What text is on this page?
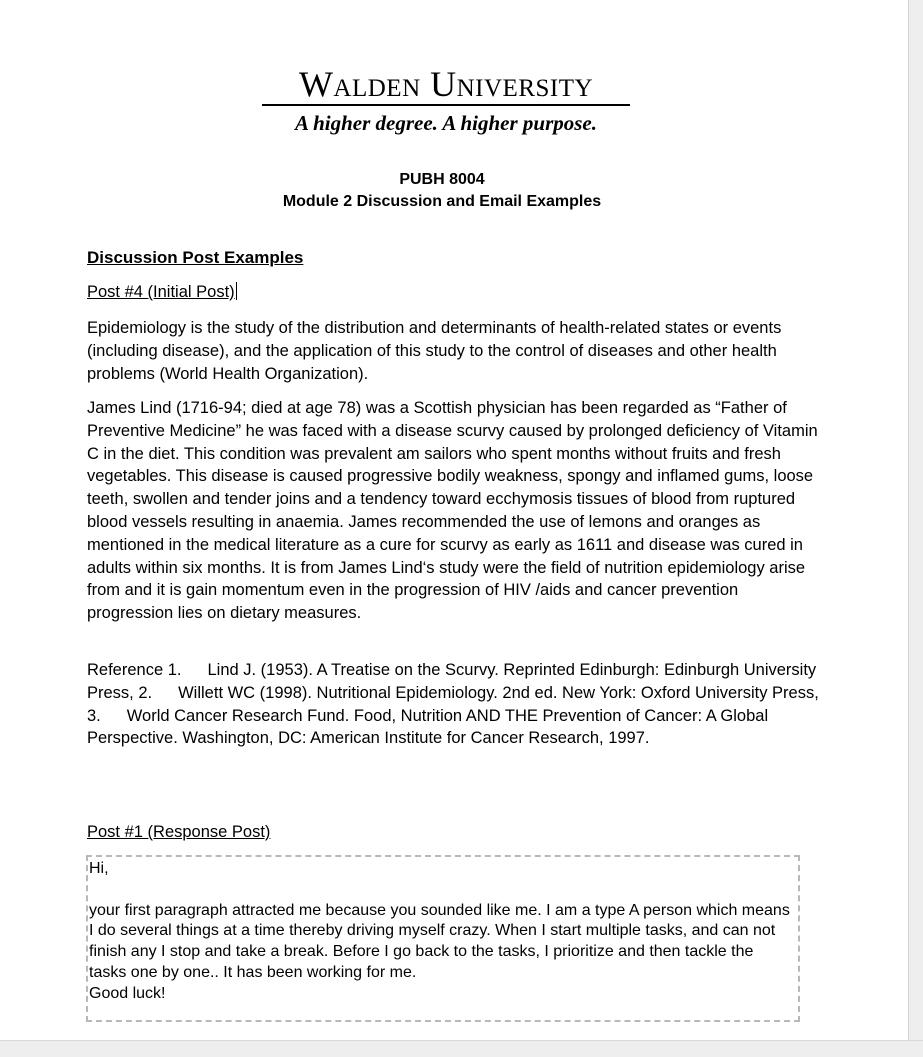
Walden University
A higher degree. A higher purpose.
PUBH 8004
Module 2 Discussion and Email Examples
Discussion Post Examples
Post #4 (Initial Post)

Epidemiology is the study of the distribution and determinants of health-related states or events (including disease), and the application of this study to the control of diseases and other health problems (World Health Organization).

James Lind (1716-94; died at age 78) was a Scottish physician has been regarded as “Father of Preventive Medicine” he was faced with a disease scurvy caused by prolonged deficiency of Vitamin C in the diet. This condition was prevalent am sailors who spent months without fruits and fresh vegetables. This disease is caused progressive bodily weakness, spongy and inflamed gums, loose teeth, swollen and tender joins and a tendency toward ecchymosis tissues of blood from ruptured blood vessels resulting in anaemia. James recommended the use of lemons and oranges as mentioned in the medical literature as a cure for scurvy as early as 1611 and disease was cured in adults within six months. It is from James Lind‘s study were the field of nutrition epidemiology arise from and it is gain momentum even in the progression of HIV /aids and cancer prevention progression lies on dietary measures.

Reference 1. Lind J. (1953). A Treatise on the Scurvy. Reprinted Edinburgh: Edinburgh University Press, 2. Willett WC (1998). Nutritional Epidemiology. 2nd ed. New York: Oxford University Press, 3. World Cancer Research Fund. Food, Nutrition AND THE Prevention of Cancer: A Global Perspective. Washington, DC: American Institute for Cancer Research, 1997.

Post #1 (Response Post)

Hi,

your first paragraph attracted me because you sounded like me. I am a type A person which means I do several things at a time thereby driving myself crazy. When I start multiple tasks, and can not finish any I stop and take a break. Before I go back to the tasks, I prioritize and then tackle the tasks one by one.. It has been working for me.

Good luck!
